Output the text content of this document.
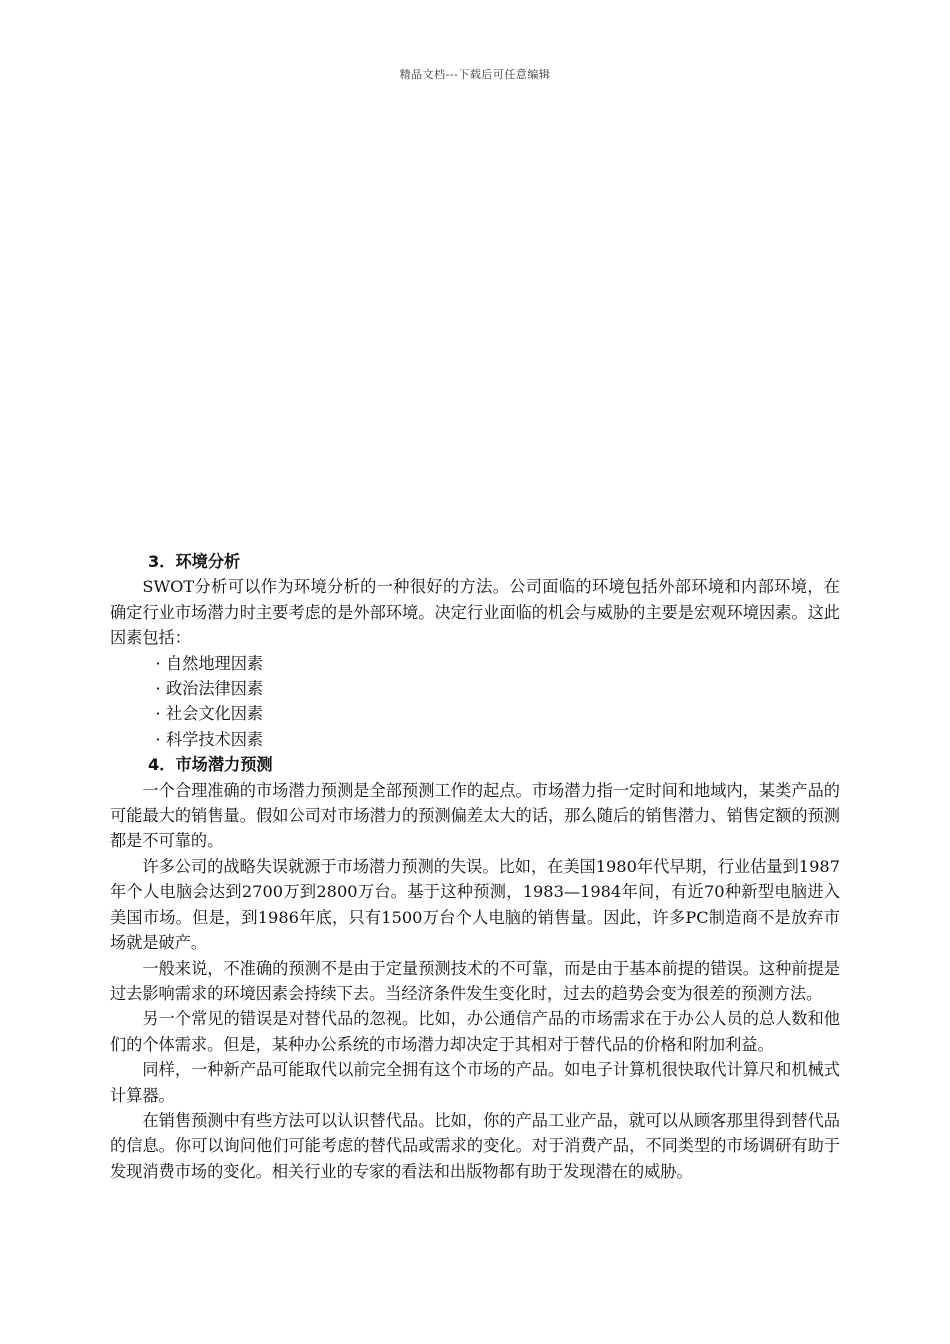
精品文档---下载后可任意编辑
3．环境分析

SWOT分析可以作为环境分析的一种很好的方法。公司面临的环境包括外部环境和内部环境，在确定行业市场潜力时主要考虑的是外部环境。决定行业面临的机会与威胁的主要是宏观环境因素。这此因素包括：

· 自然地理因素
· 政治法律因素
· 社会文化因素
· 科学技术因素
4．市场潜力预测

一个合理准确的市场潜力预测是全部预测工作的起点。市场潜力指一定时间和地域内，某类产品的可能最大的销售量。假如公司对市场潜力的预测偏差太大的话，那么随后的销售潜力、销售定额的预测都是不可靠的。

许多公司的战略失误就源于市场潜力预测的失误。比如，在美国1980年代早期，行业估量到1987年个人电脑会达到2700万到2800万台。基于这种预测，1983—1984年间，有近70种新型电脑进入美国市场。但是，到1986年底，只有1500万台个人电脑的销售量。因此，许多PC制造商不是放弃市场就是破产。

一般来说，不准确的预测不是由于定量预测技术的不可靠，而是由于基本前提的错误。这种前提是过去影响需求的环境因素会持续下去。当经济条件发生变化时，过去的趋势会变为很差的预测方法。

另一个常见的错误是对替代品的忽视。比如，办公通信产品的市场需求在于办公人员的总人数和他们的个体需求。但是，某种办公系统的市场潜力却决定于其相对于替代品的价格和附加利益。

同样，一种新产品可能取代以前完全拥有这个市场的产品。如电子计算机很快取代计算尺和机械式计算器。

在销售预测中有些方法可以认识替代品。比如，你的产品工业产品，就可以从顾客那里得到替代品的信息。你可以询问他们可能考虑的替代品或需求的变化。对于消费产品，不同类型的市场调研有助于发现消费市场的变化。相关行业的专家的看法和出版物都有助于发现潜在的威胁。
